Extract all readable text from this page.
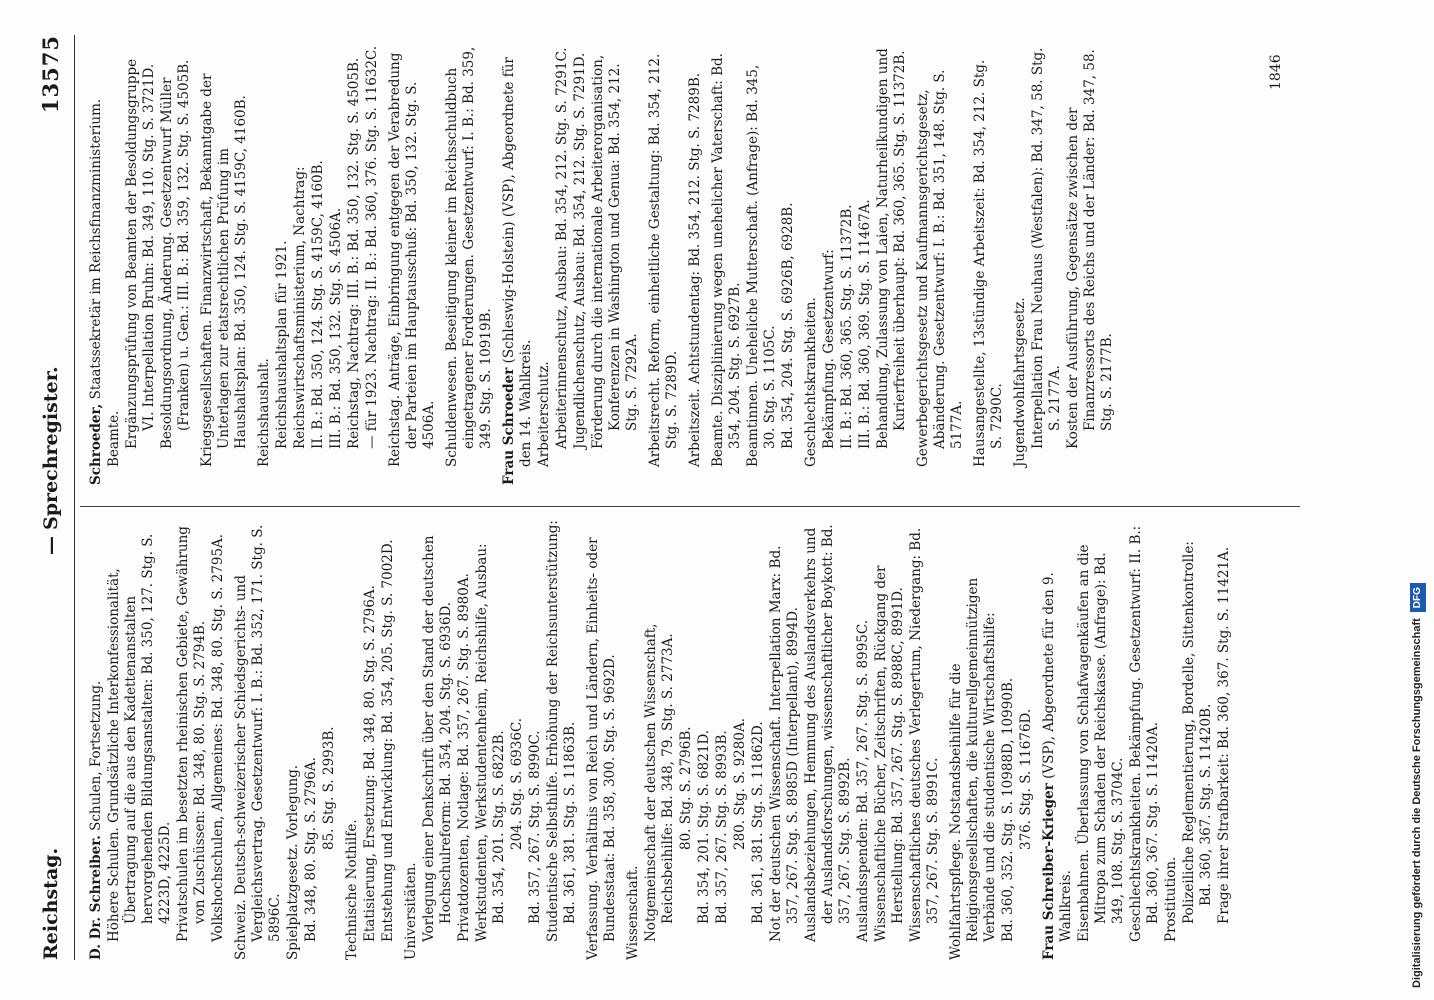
Reichstag.
— Sprechregister.
13575
D. Dr. Schreiber. Schulen, Fortsetzung. Höhere Schulen. Grundsätzliche Interkonfessionalität, Übertragung auf die aus den Kadettenanstalten hervorgehenden Bildungsanstalten: Bd. 350, 127. Stg. S. 4223D, 4225D. Privatschulen im besetzten rheinischen Gebiete, Gewährung von Zuschüssen: Bd. 348, 80. Stg. S. 2794B. Volkshochschulen, Allgemeines: Bd. 348, 80. Stg. S. 2795A. Schweiz. Deutsch-schweizerischer Schiedsgerichts- und Vergleichsvertrag. Gesetzentwurf: I. B.: Bd. 352, 171. Stg. S. 5896C. Spielplatzgesetz. Vorlegung. Bd. 348, 80. Stg. S. 2796A. 85. Stg. S. 2993B.
Technische Nothilfe. Etatisierung, Ersetzung: Bd. 348, 80. Stg. S. 2796A. Entstehung und Entwicklung: Bd. 354, 205. Stg. S. 7002D. Universitäten. Vorlegung einer Denkschrift über den Stand der deutschen Hochschulreform: Bd. 354, 204. Stg. S. 6936D. Privatdozenten, Notlage: Bd. 357, 267. Stg. S. 8980A. Werkstudenten, Werkstudentenheim, Reichshilfe, Ausbau: Bd. 354, 201. Stg. S. 6822B. 204. Stg. S. 6936C. Bd. 357, 267. Stg. S. 8990C. Studentische Selbsthilfe. Erhöhung der Reichsunterstützung: Bd. 361, 381. Stg. S. 11863B. Verfassung. Verhältnis von Reich und Ländern, Einheits- oder Bundesstaat: Bd. 358, 300. Stg. S. 9692D. Wissenschaft. Notgemeinschaft der deutschen Wissenschaft, Reichsbeihilfe: Bd. 348, 79. Stg. S. 2773A. 80. Stg. S. 2796B. Bd. 354, 201. Stg. S. 6821D. Bd. 357, 267. Stg. S. 8993B. 280. Stg. S. 9280A. Bd. 361, 381. Stg. S. 11862D. Not der deutschen Wissenschaft. Interpellation Marx: Bd. 357, 267. Stg. S. 8985D (Interpellant), 8994D. Auslandsbeziehungen, Hemmung des Auslandsverkehrs und der Auslandsforschungen, wissenschaftlicher Boykott: Bd. 357, 267. Stg. S. 8992B. Auslandsspenden: Bd. 357, 267. Stg. S. 8995C. Wissenschaftliche Bücher, Zeitschriften, Rückgang der Herstellung: Bd. 357, 267. Stg. S. 8988C, 8991D. Wissenschaftliches deutsches Verlegertum, Niedergang: Bd. 357, 267. Stg. S. 8991C. Wohlfahrtspflege. Notstandsbeihilfe für die Religionsgesellschaften, die kulturellgemeinnützigen Verbände und die studentische Wirtschaftshilfe: Bd. 360, 352. Stg. S. 10988D, 10990B. 376. Stg. S. 11676D.
Frau Schreiber-Krieger (VSP), Abgeordnete für den 9. Wahlkreis. Eisenbahnen. Überlassung von Schlafwagenkäufen an die Mitropa zum Schaden der Reichskasse. (Anfrage): Bd. 349, 108. Stg. S. 3704C. Geschlechtskrankheiten. Bekämpfung. Gesetzentwurf: II. B.: Bd. 360, 367. Stg. S. 11420A. Prostitution. Polizeiliche Reglementierung, Bordelle, Sittenkontrolle: Bd. 360, 367. Stg. S. 11420B. Frage ihrer Strafbarkeit: Bd. 360, 367. Stg. S. 11421A.
Schroeder, Staatssekretär im Reichsfinanzministerium.
Beamte. Ergänzungsprüfung von Beamten der Besoldungsgruppe VI. Interpellation Bruhn: Bd. 349, 110. Stg. S. 3721D. Besoldungsordnung, Änderung. Gesetzentwurf Müller (Franken) u. Gen.: III. B.: Bd. 359, 132. Stg. S. 4505B. Kriegsgesellschaften. Finanzwirtschaft, Bekanntgabe der Unterlagen zur etatsrechtlichen Prüfung im Haushaltsplan: Bd. 350, 124. Stg. S. 4159C, 4160B. Reichshaushalt. Reichshaushaltsplan für 1921. Reichswirtschaftsministerium, Nachtrag: II. B.: Bd. 350, 124. Stg. S. 4159C, 4160B. III. B.: Bd. 350, 132. Stg. S. 4506A. Reichstag, Nachtrag: III. B.: Bd. 350, 132. Stg. S. 4505B. — für 1923. Nachtrag: II. B.: Bd. 360, 376. Stg. S. 11632C. Reichstag. Anträge, Einbringung entgegen der Verabredung der Parteien im Hauptausschuß: Bd. 350, 132. Stg. S. 4506A. Schuldenwesen. Beseitigung kleiner im Reichsschuldbuch eingetragener Forderungen. Gesetzentwurf: I. B.: Bd. 359, 349. Stg. S. 10919B. Frau Schroeder (Schleswig-Holstein) (VSP), Abgeordnete für den 14. Wahlkreis. Arbeiterschutz. Arbeiterinnenschutz, Ausbau: Bd. 354, 212. Stg. S. 7291C. Jugendlichenschutz, Ausbau: Bd. 354, 212. Stg. S. 7291D. Förderung durch die internationale Arbeiterorganisation, Konferenzen in Washington und Genua: Bd. 354, 212. Stg. S. 7292A. Arbeitsrecht. Reform, einheitliche Gestaltung: Bd. 354, 212. Stg. S. 7289D. Arbeitszeit. Achtstundentag: Bd. 354, 212. Stg. S. 7289B. Beamte. Disziplinierung wegen unehelicher Vaterschaft: Bd. 354, 204. Stg. S. 6927B. Beamtinnen. Uneheliche Mutterschaft. (Anfrage): Bd. 345, 30. Stg. S. 1105C. Bd. 354, 204. Stg. S. 6926B, 6928B. Geschlechtskrankheiten. Bekämpfung. Gesetzentwurf: II. B.: Bd. 360, 365. Stg. S. 11372B. III. B.: Bd. 360, 369. Stg. S. 11467A. Behandlung, Zulassung von Laien, Naturheilkundigen und Kurierfreiheit überhaupt: Bd. 360, 365. Stg. S. 11372B. Gewerbegerichtsgesetz und Kaufmannsgerichtsgesetz, Abänderung. Gesetzentwurf: I. B.: Bd. 351, 148. Stg. S. 5177A. Hausangestellte, 13stündige Arbeitszeit: Bd. 354, 212. Stg. S. 7290C. Jugendwohlfahrtsgesetz. Interpellation Frau Neuhaus (Westfalen): Bd. 347, 58. Stg. S. 2177A. Kosten der Ausführung, Gegensätze zwischen der Finanzressorts des Reichs und der Länder: Bd. 347, 58. Stg. S. 2177B.
1846
Digitalisierung gefördert durch die Deutsche ForschungsgemeinschaftDFG
